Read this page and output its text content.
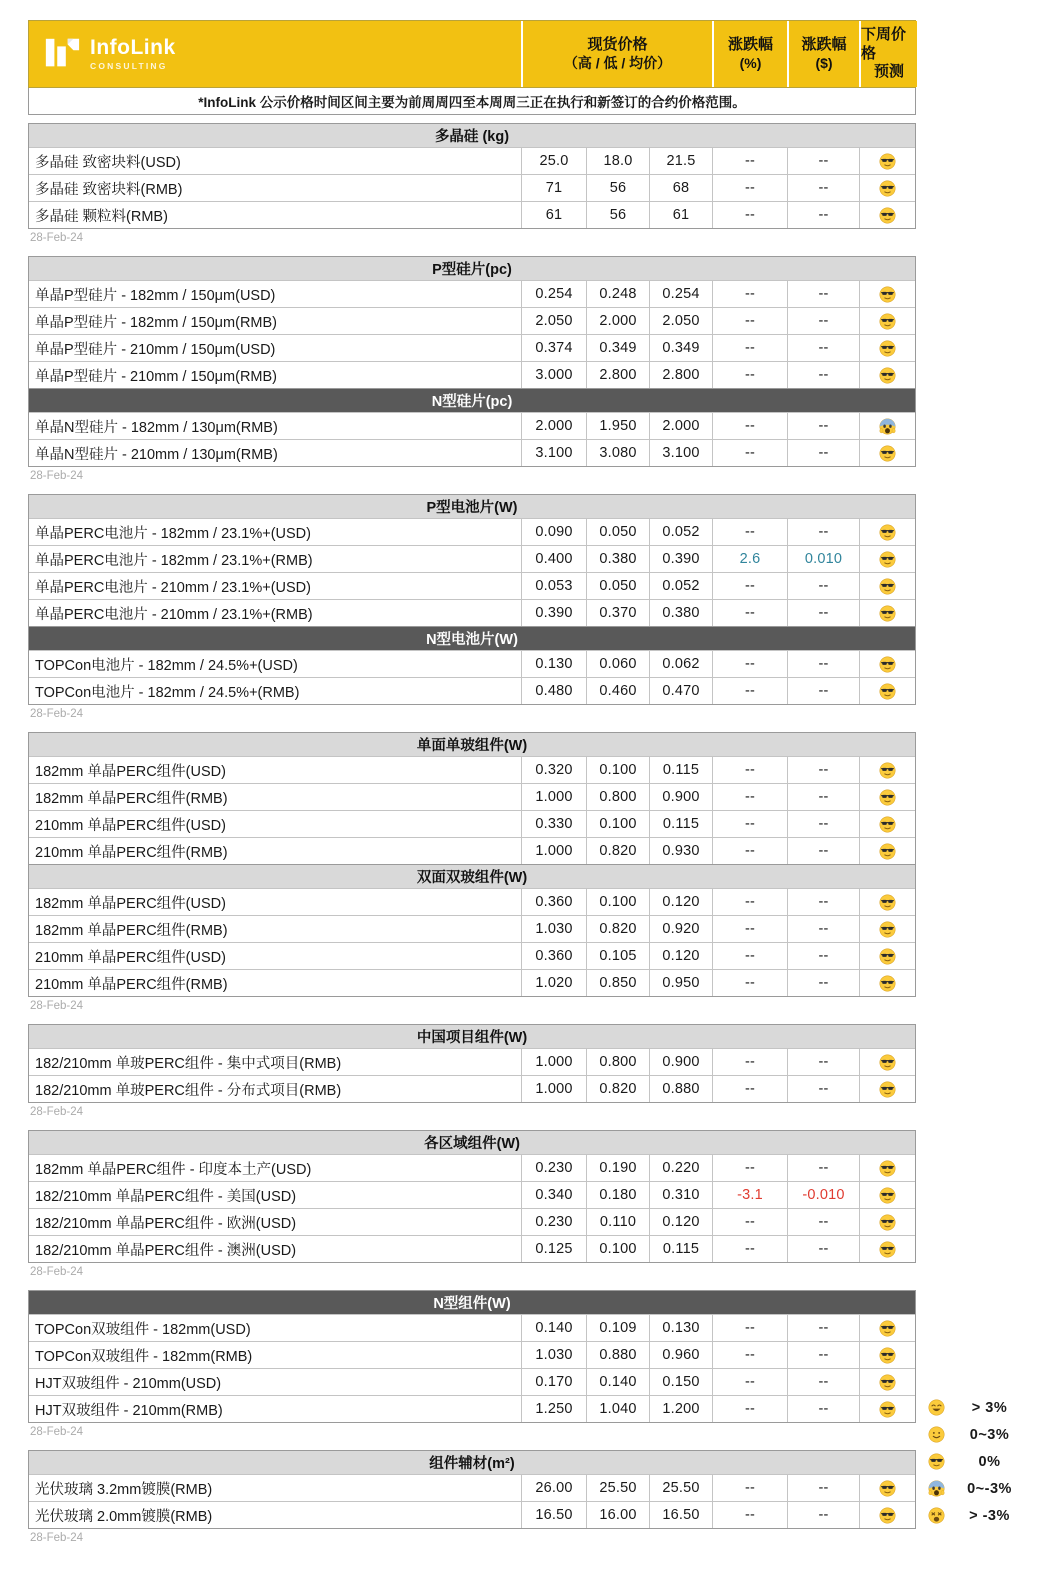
InfoLink
CONSULTING
现货价格
（高 / 低 / 均价）
涨跌幅
(%)
涨跌幅
($)
下周价格
预测
*InfoLink 公示价格时间区间主要为前周周四至本周周三正在执行和新签订的合约价格范围。
多晶硅 (kg)
多晶硅 致密块料(USD)	25.0	18.0	21.5	--	--
多晶硅 致密块料(RMB)	71	56	68	--	--
多晶硅 颗粒料(RMB)	61	56	61	--	--
28-Feb-24
P型硅片(pc)
单晶P型硅片 - 182mm / 150μm(USD)	0.254	0.248	0.254	--	--
单晶P型硅片 - 182mm / 150μm(RMB)	2.050	2.000	2.050	--	--
单晶P型硅片 - 210mm / 150μm(USD)	0.374	0.349	0.349	--	--
单晶P型硅片 - 210mm / 150μm(RMB)	3.000	2.800	2.800	--	--
N型硅片(pc)
单晶N型硅片 - 182mm / 130μm(RMB)	2.000	1.950	2.000	--	--
单晶N型硅片 - 210mm / 130μm(RMB)	3.100	3.080	3.100	--	--
28-Feb-24
P型电池片(W)
单晶PERC电池片 - 182mm / 23.1%+(USD)	0.090	0.050	0.052	--	--
单晶PERC电池片 - 182mm / 23.1%+(RMB)	0.400	0.380	0.390	2.6	0.010
单晶PERC电池片 - 210mm / 23.1%+(USD)	0.053	0.050	0.052	--	--
单晶PERC电池片 - 210mm / 23.1%+(RMB)	0.390	0.370	0.380	--	--
N型电池片(W)
TOPCon电池片 - 182mm / 24.5%+(USD)	0.130	0.060	0.062	--	--
TOPCon电池片 - 182mm / 24.5%+(RMB)	0.480	0.460	0.470	--	--
28-Feb-24
单面单玻组件(W)
182mm 单晶PERC组件(USD)	0.320	0.100	0.115	--	--
182mm 单晶PERC组件(RMB)	1.000	0.800	0.900	--	--
210mm 单晶PERC组件(USD)	0.330	0.100	0.115	--	--
210mm 单晶PERC组件(RMB)	1.000	0.820	0.930	--	--
双面双玻组件(W)
182mm 单晶PERC组件(USD)	0.360	0.100	0.120	--	--
182mm 单晶PERC组件(RMB)	1.030	0.820	0.920	--	--
210mm 单晶PERC组件(USD)	0.360	0.105	0.120	--	--
210mm 单晶PERC组件(RMB)	1.020	0.850	0.950	--	--
28-Feb-24
中国项目组件(W)
182/210mm 单玻PERC组件 - 集中式项目(RMB)	1.000	0.800	0.900	--	--
182/210mm 单玻PERC组件 - 分布式项目(RMB)	1.000	0.820	0.880	--	--
28-Feb-24
各区域组件(W)
182mm 单晶PERC组件 - 印度本土产(USD)	0.230	0.190	0.220	--	--
182/210mm 单晶PERC组件 - 美国(USD)	0.340	0.180	0.310	-3.1	-0.010
182/210mm 单晶PERC组件 - 欧洲(USD)	0.230	0.110	0.120	--	--
182/210mm 单晶PERC组件 - 澳洲(USD)	0.125	0.100	0.115	--	--
28-Feb-24
N型组件(W)
TOPCon双玻组件 - 182mm(USD)	0.140	0.109	0.130	--	--
TOPCon双玻组件 - 182mm(RMB)	1.030	0.880	0.960	--	--
HJT双玻组件 - 210mm(USD)	0.170	0.140	0.150	--	--
HJT双玻组件 - 210mm(RMB)	1.250	1.040	1.200	--	--
28-Feb-24
组件辅材(m²)
光伏玻璃 3.2mm镀膜(RMB)	26.00	25.50	25.50	--	--
光伏玻璃 2.0mm镀膜(RMB)	16.50	16.00	16.50	--	--
28-Feb-24
> 3%
0~3%
0%
0~-3%
> -3%
